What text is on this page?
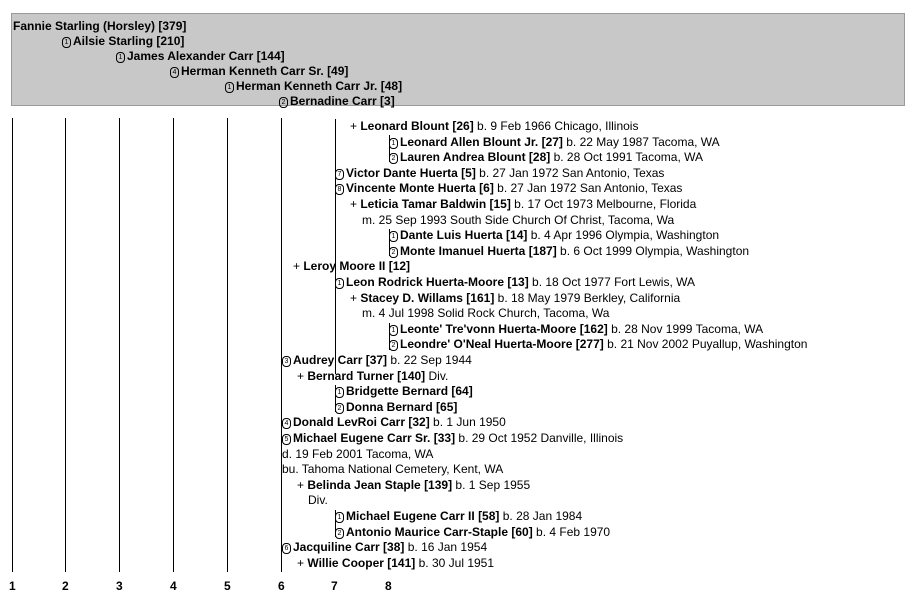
Fannie Starling (Horsley) [379]
1 Ailsie Starling [210]
1 James Alexander Carr [144]
4 Herman Kenneth Carr Sr. [49]
1 Herman Kenneth Carr Jr. [48]
2 Bernadine Carr [3]
+ Leonard Blount [26] b. 9 Feb 1966 Chicago, Illinois
1 Leonard Allen Blount Jr. [27] b. 22 May 1987 Tacoma, WA
2 Lauren Andrea Blount [28] b. 28 Oct 1991 Tacoma, WA
7 Victor Dante Huerta [5] b. 27 Jan 1972 San Antonio, Texas
8 Vincente Monte Huerta [6] b. 27 Jan 1972 San Antonio, Texas
+ Leticia Tamar Baldwin [15] b. 17 Oct 1973 Melbourne, Florida
m. 25 Sep 1993 South Side Church Of Christ, Tacoma, Wa
1 Dante Luis Huerta [14] b. 4 Apr 1996 Olympia, Washington
2 Monte Imanuel Huerta [187] b. 6 Oct 1999 Olympia, Washington
+ Leroy Moore II [12]
1 Leon Rodrick Huerta-Moore [13] b. 18 Oct 1977 Fort Lewis, WA
+ Stacey D. Willams [161] b. 18 May 1979 Berkley, California
m. 4 Jul 1998 Solid Rock Church, Tacoma, Wa
1 Leonte' Tre'vonn Huerta-Moore [162] b. 28 Nov 1999 Tacoma, WA
2 Leondre' O'Neal Huerta-Moore [277] b. 21 Nov 2002 Puyallup, Washington
3 Audrey Carr [37] b. 22 Sep 1944
+ Bernard Turner [140] Div.
1 Bridgette Bernard [64]
2 Donna Bernard [65]
4 Donald LevRoi Carr [32] b. 1 Jun 1950
5 Michael Eugene Carr Sr. [33] b. 29 Oct 1952 Danville, Illinois
d. 19 Feb 2001 Tacoma, WA
bu. Tahoma National Cemetery, Kent, WA
+ Belinda Jean Staple [139] b. 1 Sep 1955
Div.
1 Michael Eugene Carr II [58] b. 28 Jan 1984
2 Antonio Maurice Carr-Staple [60] b. 4 Feb 1970
6 Jacquiline Carr [38] b. 16 Jan 1954
+ Willie Cooper [141] b. 30 Jul 1951
1	2	3	4	5	6	7	8
